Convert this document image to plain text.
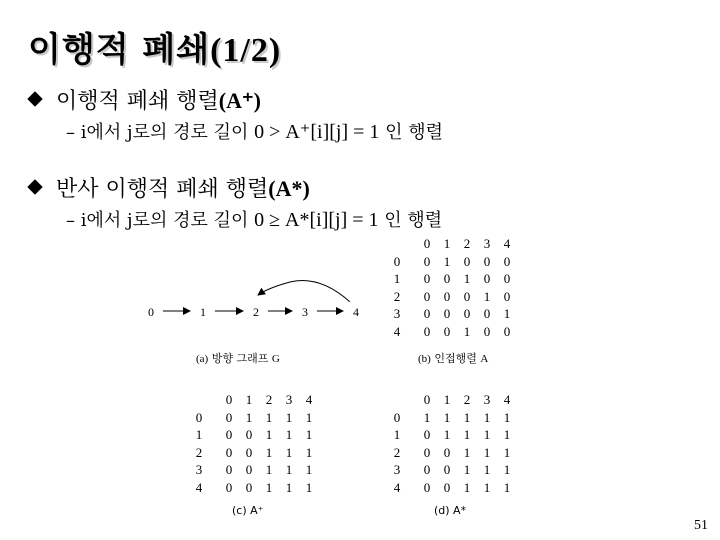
이행적 폐쇄(1/2)
이행적 폐쇄 행렬(A⁺)
– i에서 j로의 경로 길이 0 > A⁺[i][j] = 1 인 행렬
반사 이행적 폐쇄 행렬(A*)
– i에서 j로의 경로 길이 0 ≥ A*[i][j] = 1 인 행렬
0	1	2	3	4
(a) 방향 그래프 G
0 1 2 3 4
0 0 1 0 0 0
1 0 0 1 0 0
2 0 0 0 1 0
3 0 0 0 0 1
4 0 0 1 0 0
(b) 인접행렬 A
0 1 2 3 4
0 0 1 1 1 1
1 0 0 1 1 1
2 0 0 1 1 1
3 0 0 1 1 1
4 0 0 1 1 1
(c) A⁺
0 1 2 3 4
0 1 1 1 1 1
1 0 1 1 1 1
2 0 0 1 1 1
3 0 0 1 1 1
4 0 0 1 1 1
(d) A*
51
